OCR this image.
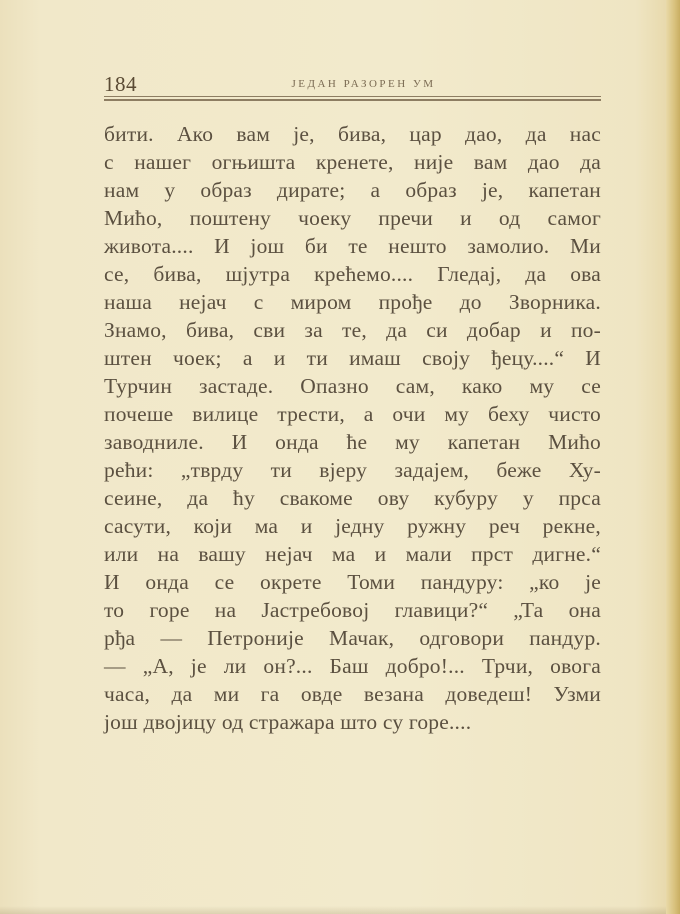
184	ЈЕДАН РАЗОРЕН УМ
бити. Ако вам је, бива, цар дао, да нас
с нашег огњишта кренете, није вам дао да
нам у образ дирате; а образ је, капетан
Мићо, поштену чоеку пречи и од самог
живота.... И још би те нешто замолио. Ми
се, бива, шјутра крећемо.... Гледај, да ова
наша нејач с миром прође до Зворника.
Знамо, бива, сви за те, да си добар и по-
штен чоек; а и ти имаш своју ђецу....“ И
Турчин застаде. Опазно сам, како му се
почеше вилице трести, а очи му беху чисто
заводниле. И онда ће му капетан Мићо
рећи: „тврду ти вјеру задајем, беже Ху-
сеине, да ћу свакоме ову кубуру у прса
сасути, који ма и једну ружну реч рекне,
или на вашу нејач ма и мали прст дигне.“
И онда се окрете Томи пандуру: „ко је
то горе на Јастребовој главици?“ „Та она
рђа — Петроније Мачак, одговори пандур.
— „А, је ли он?... Баш добро!... Трчи, овога
часа, да ми га овде везана доведеш! Узми
још двојицу од стражара што су горе....
